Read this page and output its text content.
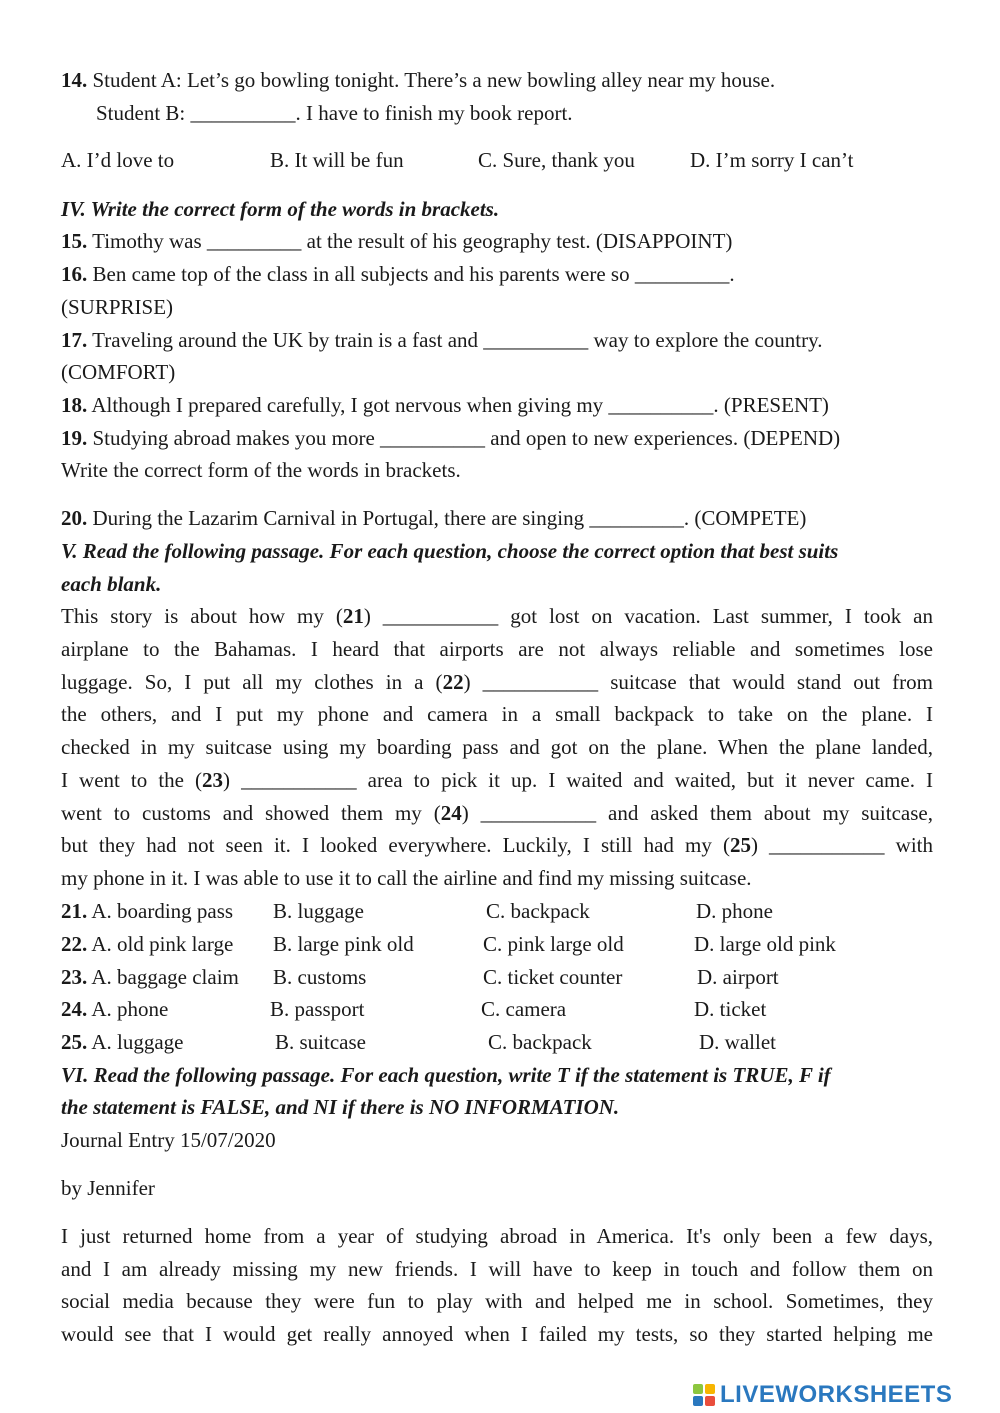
14. Student A: Let’s go bowling tonight. There’s a new bowling alley near my house.
Student B: __________. I have to finish my book report.
A. I’d love to	B. It will be fun	C. Sure, thank you	D. I’m sorry I can’t
IV. Write the correct form of the words in brackets.
15. Timothy was _________ at the result of his geography test. (DISAPPOINT)
16. Ben came top of the class in all subjects and his parents were so _________.
(SURPRISE)
17. Traveling around the UK by train is a fast and __________ way to explore the country.
(COMFORT)
18. Although I prepared carefully, I got nervous when giving my __________. (PRESENT)
19. Studying abroad makes you more __________ and open to new experiences. (DEPEND)
Write the correct form of the words in brackets.
20. During the Lazarim Carnival in Portugal, there are singing _________. (COMPETE)
V. Read the following passage. For each question, choose the correct option that best suits
each blank.
This story is about how my (21) ___________ got lost on vacation. Last summer, I took an
airplane to the Bahamas. I heard that airports are not always reliable and sometimes lose
luggage. So, I put all my clothes in a (22) ___________ suitcase that would stand out from
the others, and I put my phone and camera in a small backpack to take on the plane. I
checked in my suitcase using my boarding pass and got on the plane. When the plane landed,
I went to the (23) ___________ area to pick it up. I waited and waited, but it never came. I
went to customs and showed them my (24) ___________ and asked them about my suitcase,
but they had not seen it. I looked everywhere. Luckily, I still had my (25) ___________ with
my phone in it. I was able to use it to call the airline and find my missing suitcase.
21. A. boarding pass B. luggage	C. backpack	D. phone
22. A. old pink large B. large pink old	C. pink large old	D. large old pink
23. A. baggage claim B. customs	C. ticket counter	D. airport
24. A. phone	B. passport	C. camera	D. ticket
25. A. luggage	B. suitcase	C. backpack	D. wallet
VI. Read the following passage. For each question, write T if the statement is TRUE, F if
the statement is FALSE, and NI if there is NO INFORMATION.
Journal Entry 15/07/2020
by Jennifer
I just returned home from a year of studying abroad in America. It's only been a few days,
and I am already missing my new friends. I will have to keep in touch and follow them on
social media because they were fun to play with and helped me in school. Sometimes, they
would see that I would get really annoyed when I failed my tests, so they started helping me
LIVEWORKSHEETS
